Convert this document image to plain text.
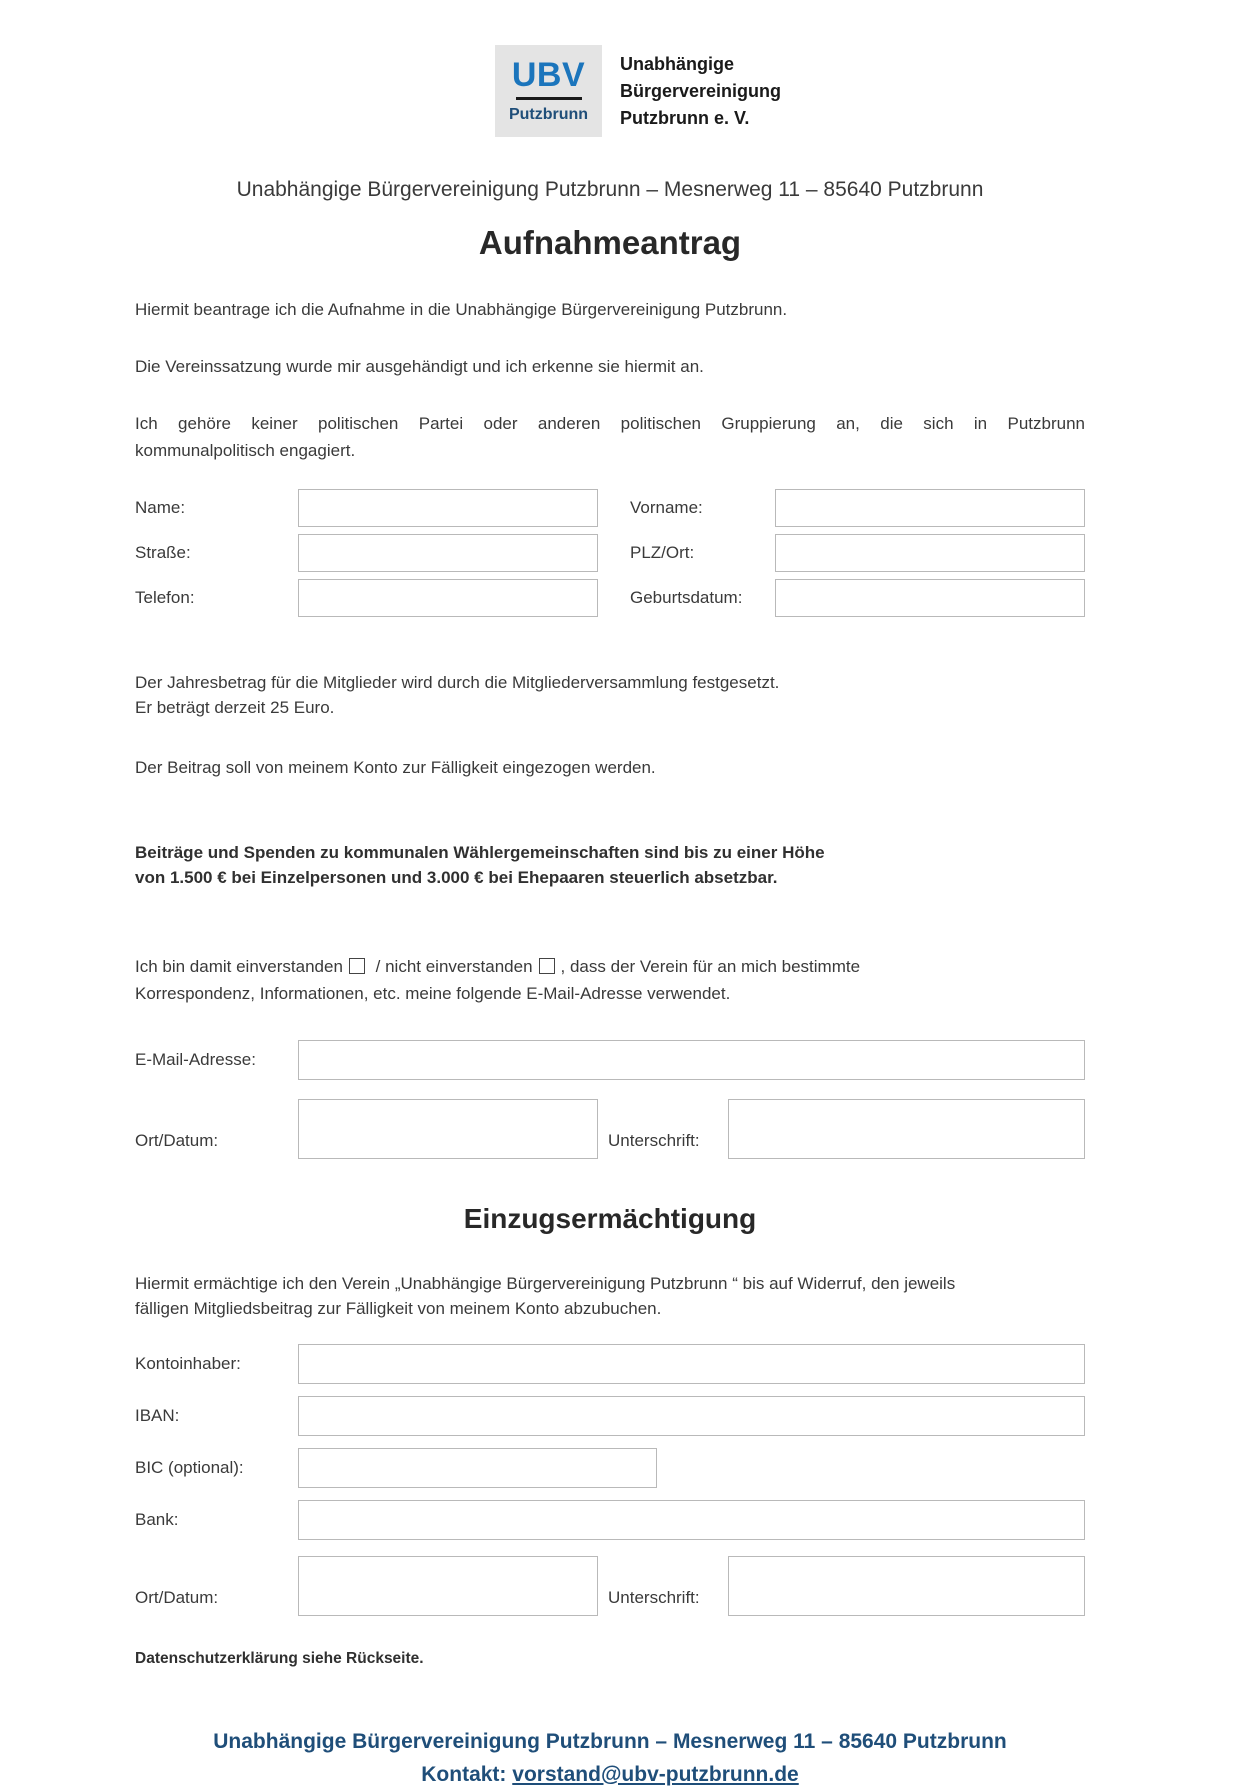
UBV
Putzbrunn
Unabhängige
Bürgervereinigung
Putzbrunn e. V.
Unabhängige Bürgervereinigung Putzbrunn – Mesnerweg 11 – 85640 Putzbrunn
Aufnahmeantrag
Hiermit beantrage ich die Aufnahme in die Unabhängige Bürgervereinigung Putzbrunn.
Die Vereinssatzung wurde mir ausgehändigt und ich erkenne sie hiermit an.
Ich gehöre keiner politischen Partei oder anderen politischen Gruppierung an, die sich in Putzbrunn
kommunalpolitisch engagiert.
Name:	Vorname:
Straße:	PLZ/Ort:
Telefon:	Geburtsdatum:
Der Jahresbetrag für die Mitglieder wird durch die Mitgliederversammlung festgesetzt.
Er beträgt derzeit 25 Euro.
Der Beitrag soll von meinem Konto zur Fälligkeit eingezogen werden.
Beiträge und Spenden zu kommunalen Wählergemeinschaften sind bis zu einer Höhe
von 1.500 € bei Einzelpersonen und 3.000 € bei Ehepaaren steuerlich absetzbar.
Ich bin damit einverstanden / nicht einverstanden , dass der Verein für an mich bestimmte
Korrespondenz, Informationen, etc. meine folgende E-Mail-Adresse verwendet.
E-Mail-Adresse:
Ort/Datum:	Unterschrift:
Einzugsermächtigung
Hiermit ermächtige ich den Verein „Unabhängige Bürgervereinigung Putzbrunn “ bis auf Widerruf, den jeweils
fälligen Mitgliedsbeitrag zur Fälligkeit von meinem Konto abzubuchen.
Kontoinhaber:
IBAN:
BIC (optional):
Bank:
Ort/Datum:	Unterschrift:
Datenschutzerklärung siehe Rückseite.
Unabhängige Bürgervereinigung Putzbrunn – Mesnerweg 11 – 85640 Putzbrunn
Kontakt: vorstand@ubv-putzbrunn.de
